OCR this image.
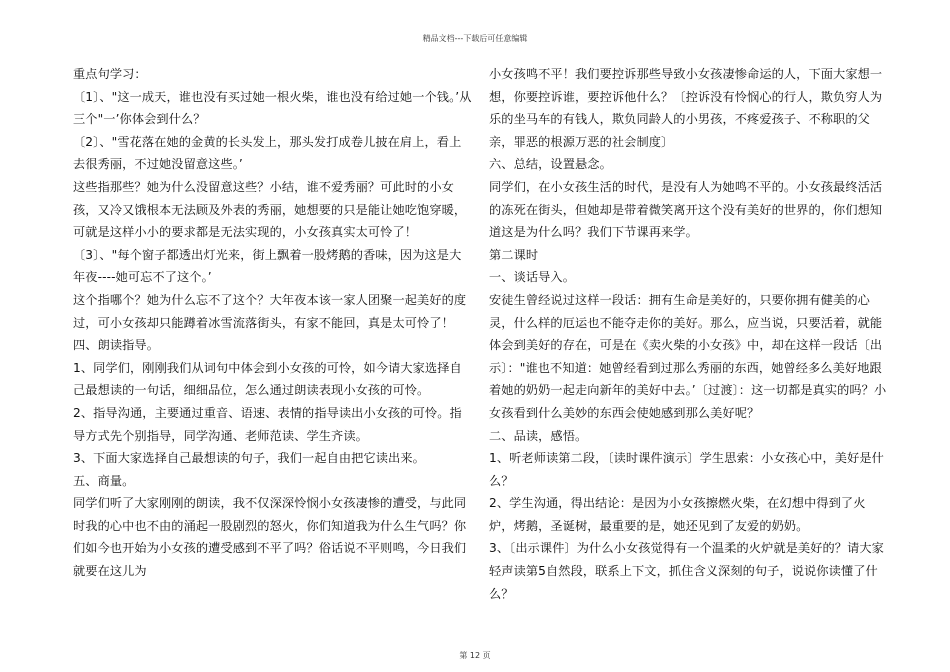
精品文档---下载后可任意编辑

重点句学习：

〔1〕、"这一成天，谁也没有买过她一根火柴，谁也没有给过她一个钱。’从三个"一’你体会到什么？

〔2〕、"雪花落在她的金黄的长头发上，那头发打成卷儿披在肩上，看上去很秀丽，不过她没留意这些。’

这些指那些？她为什么没留意这些？小结，谁不爱秀丽？可此时的小女孩，又冷又饿根本无法顾及外表的秀丽，她想要的只是能让她吃饱穿暖，可就是这样小小的要求都是无法实现的，小女孩真实太可怜了！

〔3〕、"每个窗子都透出灯光来，街上飘着一股烤鹅的香味，因为这是大年夜----她可忘不了这个。’

这个指哪个？她为什么忘不了这个？大年夜本该一家人团聚一起美好的度过，可小女孩却只能蹲着冰雪流落街头，有家不能回，真是太可怜了！

四、朗读指导。

1、同学们，刚刚我们从词句中体会到小女孩的可怜，如今请大家选择自己最想读的一句话，细细品位，怎么通过朗读表现小女孩的可怜。

2、指导沟通，主要通过重音、语速、表情的指导读出小女孩的可怜。指导方式先个别指导，同学沟通、老师范读、学生齐读。

3、下面大家选择自己最想读的句子，我们一起自由把它读出来。

五、商量。

同学们听了大家刚刚的朗读，我不仅深深怜悯小女孩凄惨的遭受，与此同时我的心中也不由的涌起一股剧烈的怒火，你们知道我为什么生气吗？你们如今也开始为小女孩的遭受感到不平了吗？俗话说不平则鸣，今日我们就要在这儿为

小女孩鸣不平！我们要控诉那些导致小女孩凄惨命运的人，下面大家想一想，你要控诉谁，要控诉他什么？〔控诉没有怜悯心的行人，欺负穷人为乐的坐马车的有钱人，欺负同龄人的小男孩，不疼爱孩子、不称职的父亲，罪恶的根源万恶的社会制度〕

六、总结，设置悬念。

同学们，在小女孩生活的时代，是没有人为她鸣不平的。小女孩最终活活的冻死在街头，但她却是带着微笑离开这个没有美好的世界的，你们想知道这是为什么吗？我们下节课再来学。

第二课时

一、谈话导入。

安徒生曾经说过这样一段话：拥有生命是美好的，只要你拥有健美的心灵，什么样的厄运也不能夺走你的美好。那么，应当说，只要活着，就能体会到美好的存在，可是在《卖火柴的小女孩》中，却在这样一段话〔出示〕："谁也不知道：她曾经看到过那么秀丽的东西，她曾经多么美好地跟着她的奶奶一起走向新年的美好中去。’〔过渡〕：这一切都是真实的吗？小女孩看到什么美妙的东西会使她感到那么美好呢？

二、品读，感悟。

1、听老师读第二段，〔读时课件演示〕学生思索：小女孩心中，美好是什么？

2、学生沟通，得出结论：是因为小女孩擦燃火柴，在幻想中得到了火炉，烤鹅，圣诞树，最重要的是，她还见到了友爱的奶奶。

3、〔出示课件〕为什么小女孩觉得有一个温柔的火炉就是美好的？请大家轻声读第5自然段，联系上下文，抓住含义深刻的句子，说说你读懂了什么？

第 12 页
